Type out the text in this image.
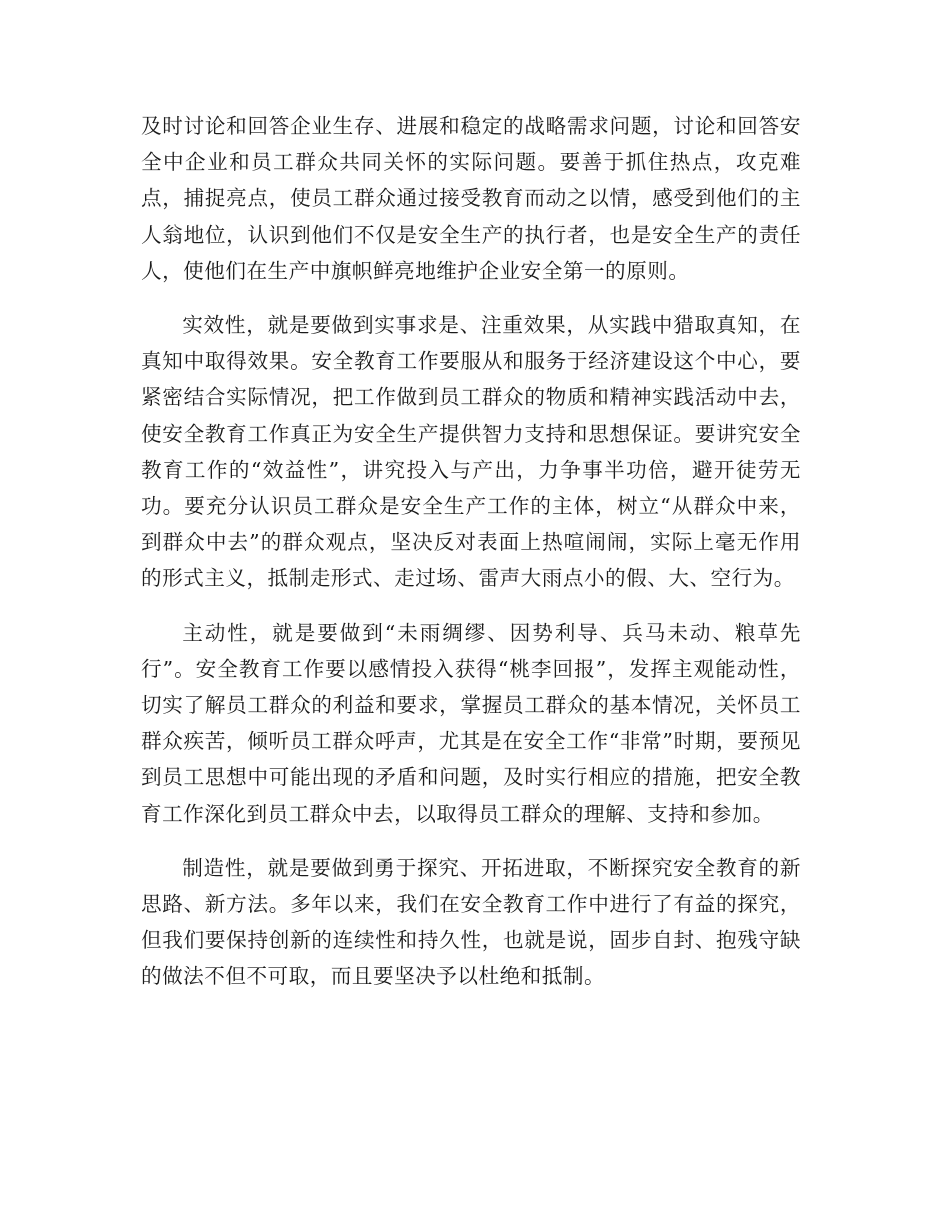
及时讨论和回答企业生存、进展和稳定的战略需求问题，讨论和回答安全中企业和员工群众共同关怀的实际问题。要善于抓住热点，攻克难点，捕捉亮点，使员工群众通过接受教育而动之以情，感受到他们的主人翁地位，认识到他们不仅是安全生产的执行者，也是安全生产的责任人，使他们在生产中旗帜鲜亮地维护企业安全第一的原则。

实效性，就是要做到实事求是、注重效果，从实践中猎取真知，在真知中取得效果。安全教育工作要服从和服务于经济建设这个中心，要紧密结合实际情况，把工作做到员工群众的物质和精神实践活动中去，使安全教育工作真正为安全生产提供智力支持和思想保证。要讲究安全教育工作的“效益性”，讲究投入与产出，力争事半功倍，避开徒劳无功。要充分认识员工群众是安全生产工作的主体，树立“从群众中来，到群众中去”的群众观点，坚决反对表面上热喧闹闹，实际上毫无作用的形式主义，抵制走形式、走过场、雷声大雨点小的假、大、空行为。

主动性，就是要做到“未雨绸缪、因势利导、兵马未动、粮草先行”。安全教育工作要以感情投入获得“桃李回报”，发挥主观能动性，切实了解员工群众的利益和要求，掌握员工群众的基本情况，关怀员工群众疾苦，倾听员工群众呼声，尤其是在安全工作“非常”时期，要预见到员工思想中可能出现的矛盾和问题，及时实行相应的措施，把安全教育工作深化到员工群众中去，以取得员工群众的理解、支持和参加。

制造性，就是要做到勇于探究、开拓进取，不断探究安全教育的新思路、新方法。多年以来，我们在安全教育工作中进行了有益的探究，但我们要保持创新的连续性和持久性，也就是说，固步自封、抱残守缺的做法不但不可取，而且要坚决予以杜绝和抵制。
